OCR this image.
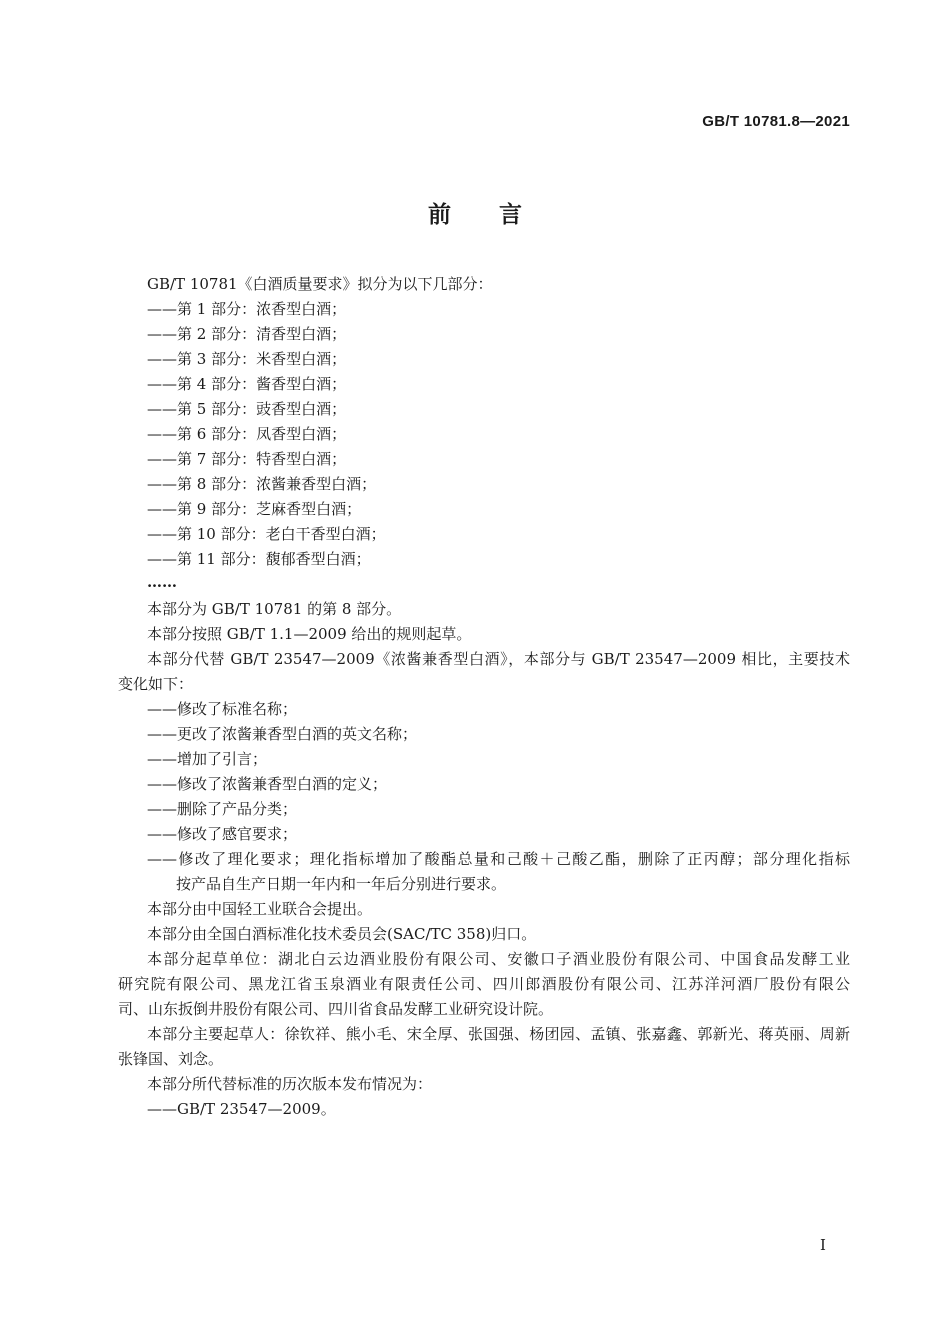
GB/T 10781.8—2021
前言
GB/T 10781《白酒质量要求》拟分为以下几部分：
——第 1 部分：浓香型白酒；
——第 2 部分：清香型白酒；
——第 3 部分：米香型白酒；
——第 4 部分：酱香型白酒；
——第 5 部分：豉香型白酒；
——第 6 部分：凤香型白酒；
——第 7 部分：特香型白酒；
——第 8 部分：浓酱兼香型白酒；
——第 9 部分：芝麻香型白酒；
——第 10 部分：老白干香型白酒；
——第 11 部分：馥郁香型白酒；
……
本部分为 GB/T 10781 的第 8 部分。
本部分按照 GB/T 1.1—2009 给出的规则起草。
本部分代替 GB/T 23547—2009《浓酱兼香型白酒》，本部分与 GB/T 23547—2009 相比，主要技术
变化如下：
——修改了标准名称；
——更改了浓酱兼香型白酒的英文名称；
——增加了引言；
——修改了浓酱兼香型白酒的定义；
——删除了产品分类；
——修改了感官要求；
——修改了理化要求；理化指标增加了酸酯总量和己酸＋己酸乙酯，删除了正丙醇；部分理化指标
按产品自生产日期一年内和一年后分别进行要求。
本部分由中国轻工业联合会提出。
本部分由全国白酒标准化技术委员会(SAC/TC 358)归口。
本部分起草单位：湖北白云边酒业股份有限公司、安徽口子酒业股份有限公司、中国食品发酵工业
研究院有限公司、黑龙江省玉泉酒业有限责任公司、四川郎酒股份有限公司、江苏洋河酒厂股份有限公
司、山东扳倒井股份有限公司、四川省食品发酵工业研究设计院。
本部分主要起草人：徐钦祥、熊小毛、宋全厚、张国强、杨团园、孟镇、张嘉鑫、郭新光、蒋英丽、周新
张锋国、刘念。
本部分所代替标准的历次版本发布情况为：
——GB/T 23547—2009。
I
